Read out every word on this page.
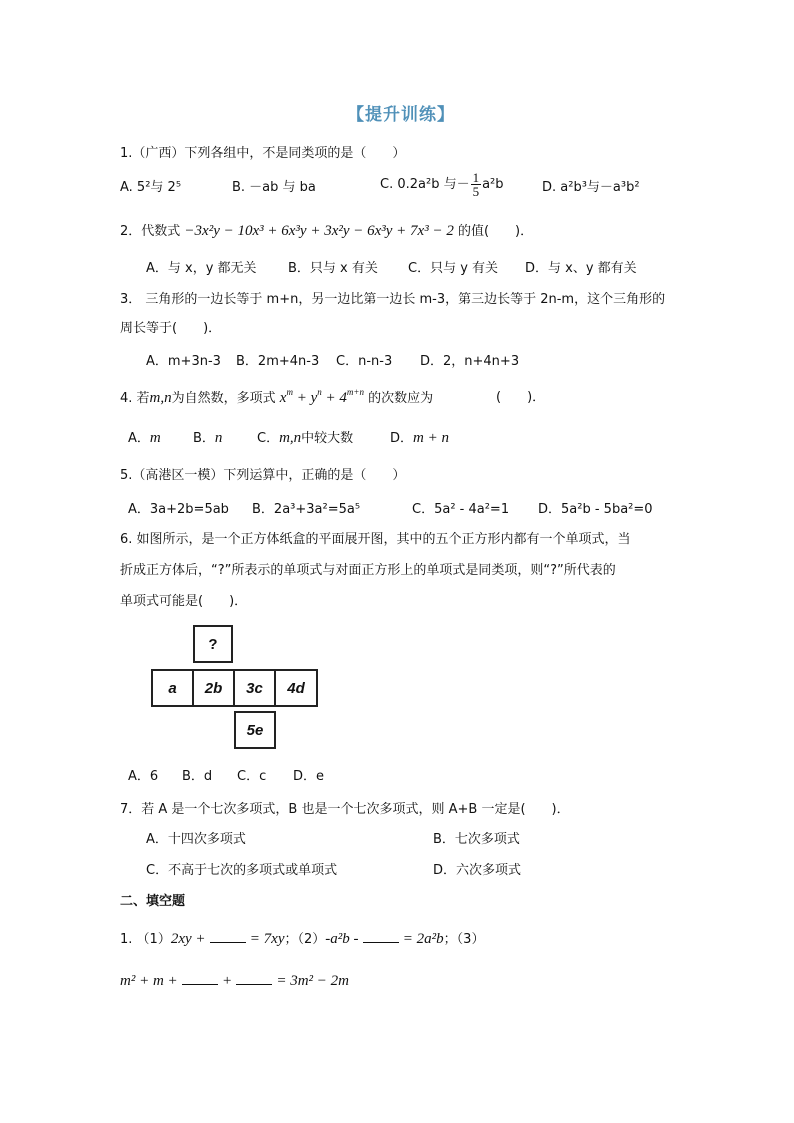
【提升训练】
1.（广西）下列各组中，不是同类项的是（　　）
A. 5²与 2⁵	B. －ab 与 ba	C. 0.2a²b 与－ $\frac{1}{5} a^2b$	D. a²b³与－a³b²
2．代数式 −3x²y − 10x³ + 6x³y + 3x²y − 6x³y + 7x³ − 2 的值(　　)．
A．与 x，y 都无关 B．只与 x 有关 C．只与 y 有关 D．与 x、y 都有关
3． 三角形的一边长等于 m+n，另一边比第一边长 m-3，第三边长等于 2n-m，这个三角形的
周长等于(　　)．
A．m+3n-3 B．2m+4n-3 C．n-n-3 D．2，n+4n+3
4. 若m,n为自然数，多项式 $x^m + y^n + 4^{m+n}$ 的次数应为	(　　)．
A．m B．n	C．m,n中较大数	D．m + n
5.（高港区一模）下列运算中，正确的是（　　）
A．3a+2b=5ab B．2a³+3a²=5a⁵	C．5a² - 4a²=1 D．5a²b - 5ba²=0
6. 如图所示，是一个正方体纸盒的平面展开图，其中的五个正方形内都有一个单项式，当
折成正方体后，“?”所表示的单项式与对面正方形上的单项式是同类项，则“?”所代表的
单项式可能是(　　)．
?
a 2b 3c 4d
5e
A．6 B．d C．c D．e
7．若 A 是一个七次多项式，B 也是一个七次多项式，则 A+B 一定是(　　)．
A．十四次多项式	B．七次多项式
C．不高于七次的多项式或单项式	D．六次多项式
二、填空题
1. （1）2xy +	= 7xy；（2）-a²b -	= 2a²b；（3）
m² + m +	+	= 3m² − 2m
